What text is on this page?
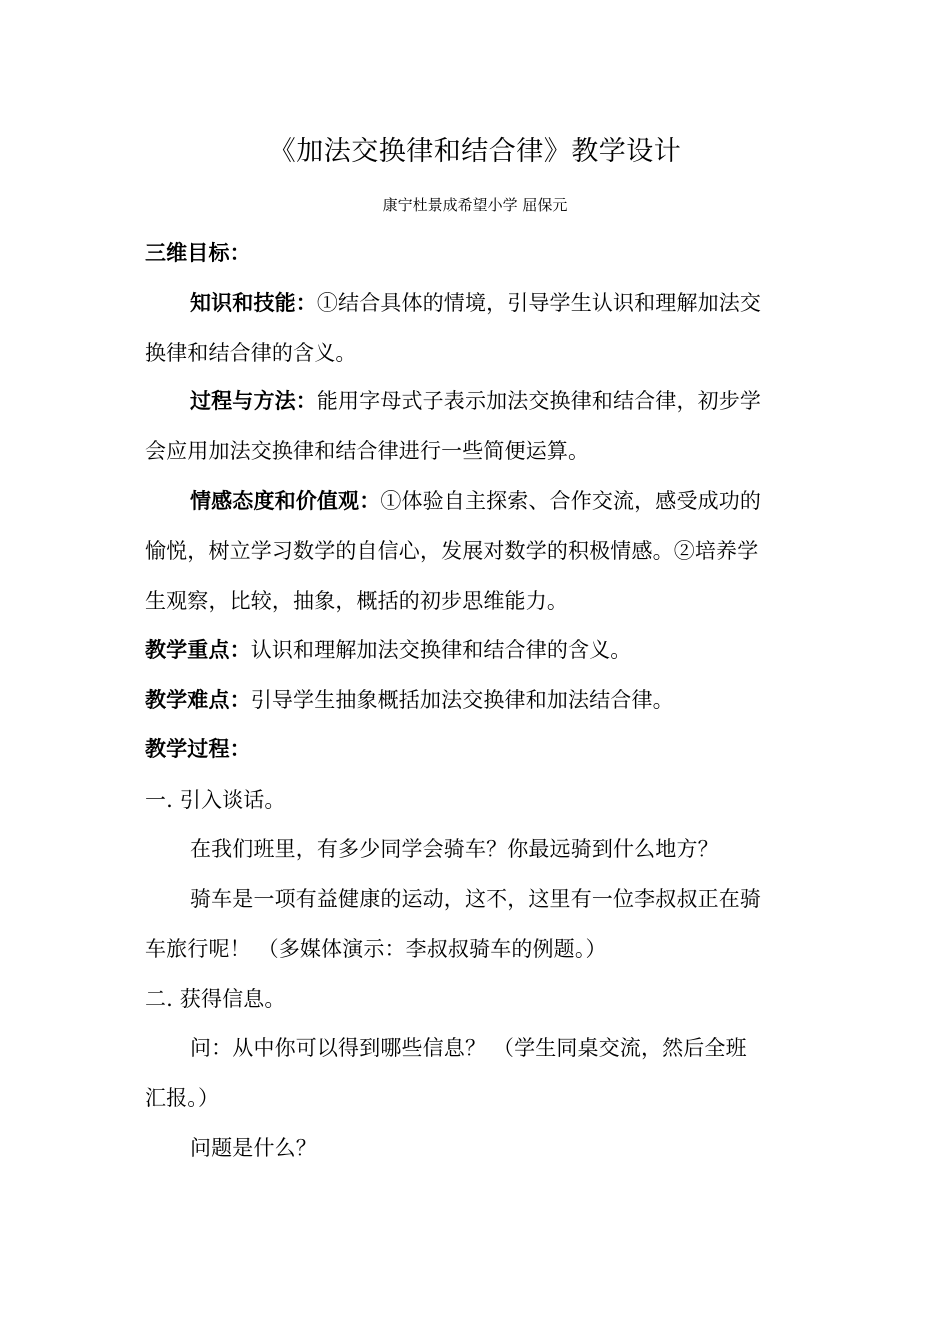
《加法交换律和结合律》教学设计
康宁杜景成希望小学 屈保元
三维目标：
知识和技能：①结合具体的情境，引导学生认识和理解加法交
换律和结合律的含义。
过程与方法：能用字母式子表示加法交换律和结合律，初步学
会应用加法交换律和结合律进行一些简便运算。
情感态度和价值观：①体验自主探索、合作交流，感受成功的
愉悦，树立学习数学的自信心，发展对数学的积极情感。②培养学
生观察，比较，抽象，概括的初步思维能力。
教学重点：认识和理解加法交换律和结合律的含义。
教学难点：引导学生抽象概括加法交换律和加法结合律。
教学过程：
一. 引入谈话。
在我们班里，有多少同学会骑车？你最远骑到什么地方？
骑车是一项有益健康的运动，这不，这里有一位李叔叔正在骑
车旅行呢！ （多媒体演示：李叔叔骑车的例题。）
二. 获得信息。
问：从中你可以得到哪些信息？ （学生同桌交流，然后全班
汇报。）
问题是什么？
